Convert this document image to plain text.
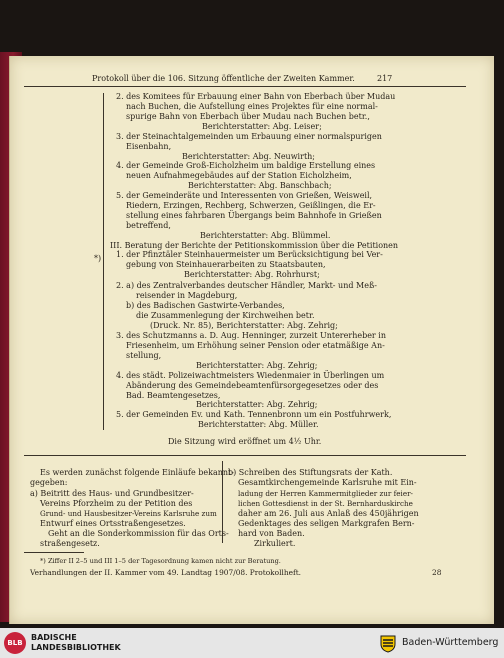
Protokoll über die 106. Sitzung öffentliche der Zweiten Kammer.	217
2. des Komitees für Erbauung einer Bahn von Eberbach über Mudau
nach Buchen, die Aufstellung eines Projektes für eine normal-
spurige Bahn von Eberbach über Mudau nach Buchen betr.,
Berichterstatter: Abg. Leiser;
3. der Steinachtalgemeinden um Erbauung einer normalspurigen
Eisenbahn,
Berichterstatter: Abg. Neuwirth;
4. der Gemeinde Groß-Eicholzheim um baldige Erstellung eines
neuen Aufnahmegebäudes auf der Station Eicholzheim,
Berichterstatter: Abg. Banschbach;
5. der Gemeinderäte und Interessenten von Grießen, Weisweil,
Riedern, Erzingen, Rechberg, Schwerzen, Geißlingen, die Er-
stellung eines fahrbaren Übergangs beim Bahnhofe in Grießen
betreffend,
Berichterstatter: Abg. Blümmel.
III. Beratung der Berichte der Petitionskommission über die Petitionen
*) 1. der Pfinztäler Steinhauermeister um Berücksichtigung bei Ver-
gebung von Steinhauerarbeiten zu Staatsbauten,
Berichterstatter: Abg. Rohrhurst;
2. a) des Zentralverbandes deutscher Händler, Markt- und Meß-
reisender in Magdeburg,
b) des Badischen Gastwirte-Verbandes,
die Zusammenlegung der Kirchweihen betr.
(Druck. Nr. 85), Berichterstatter: Abg. Zehrig;
3. des Schutzmanns a. D. Aug. Henninger, zurzeit Untererheber in
Friesenheim, um Erhöhung seiner Pension oder etatmäßige An-
stellung,
Berichterstatter: Abg. Zehrig;
4. des städt. Polizeiwachtmeisters Wiedenmaier in Überlingen um
Abänderung des Gemeindebeamtenfürsorgegesetzes oder des
Bad. Beamtengesetzes,
Berichterstatter: Abg. Zehrig;
5. der Gemeinden Ev. und Kath. Tennenbronn um ein Postfuhrwerk,
Berichterstatter: Abg. Müller.
Die Sitzung wird eröffnet um 4½ Uhr.
Es werden zunächst folgende Einläufe bekannt-
gegeben:
a) Beitritt des Haus- und Grundbesitzer-
Vereins Pforzheim zu der Petition des
Grund- und Hausbesitzer-Vereins Karlsruhe zum
Entwurf eines Ortsstraßengesetzes.
Geht an die Sonderkommission für das Orts-
straßengesetz.
b) Schreiben des Stiftungsrats der Kath.
Gesamtkirchengemeinde Karlsruhe mit Ein-
ladung der Herren Kammermitglieder zur feier-
lichen Gottesdienst in der St. Bernharduskirche
daher am 26. Juli aus Anlaß des 450jährigen
Gedenktages des seligen Markgrafen Bern-
hard von Baden.
Zirkuliert.
*) Ziffer II 2–5 und III 1–5 der Tagesordnung kamen nicht zur Beratung.
Verhandlungen der II. Kammer vom 49. Landtag 1907/08. Protokollheft.	28
BLB
BADISCHE
LANDESBIBLIOTHEK	Baden-Württemberg
